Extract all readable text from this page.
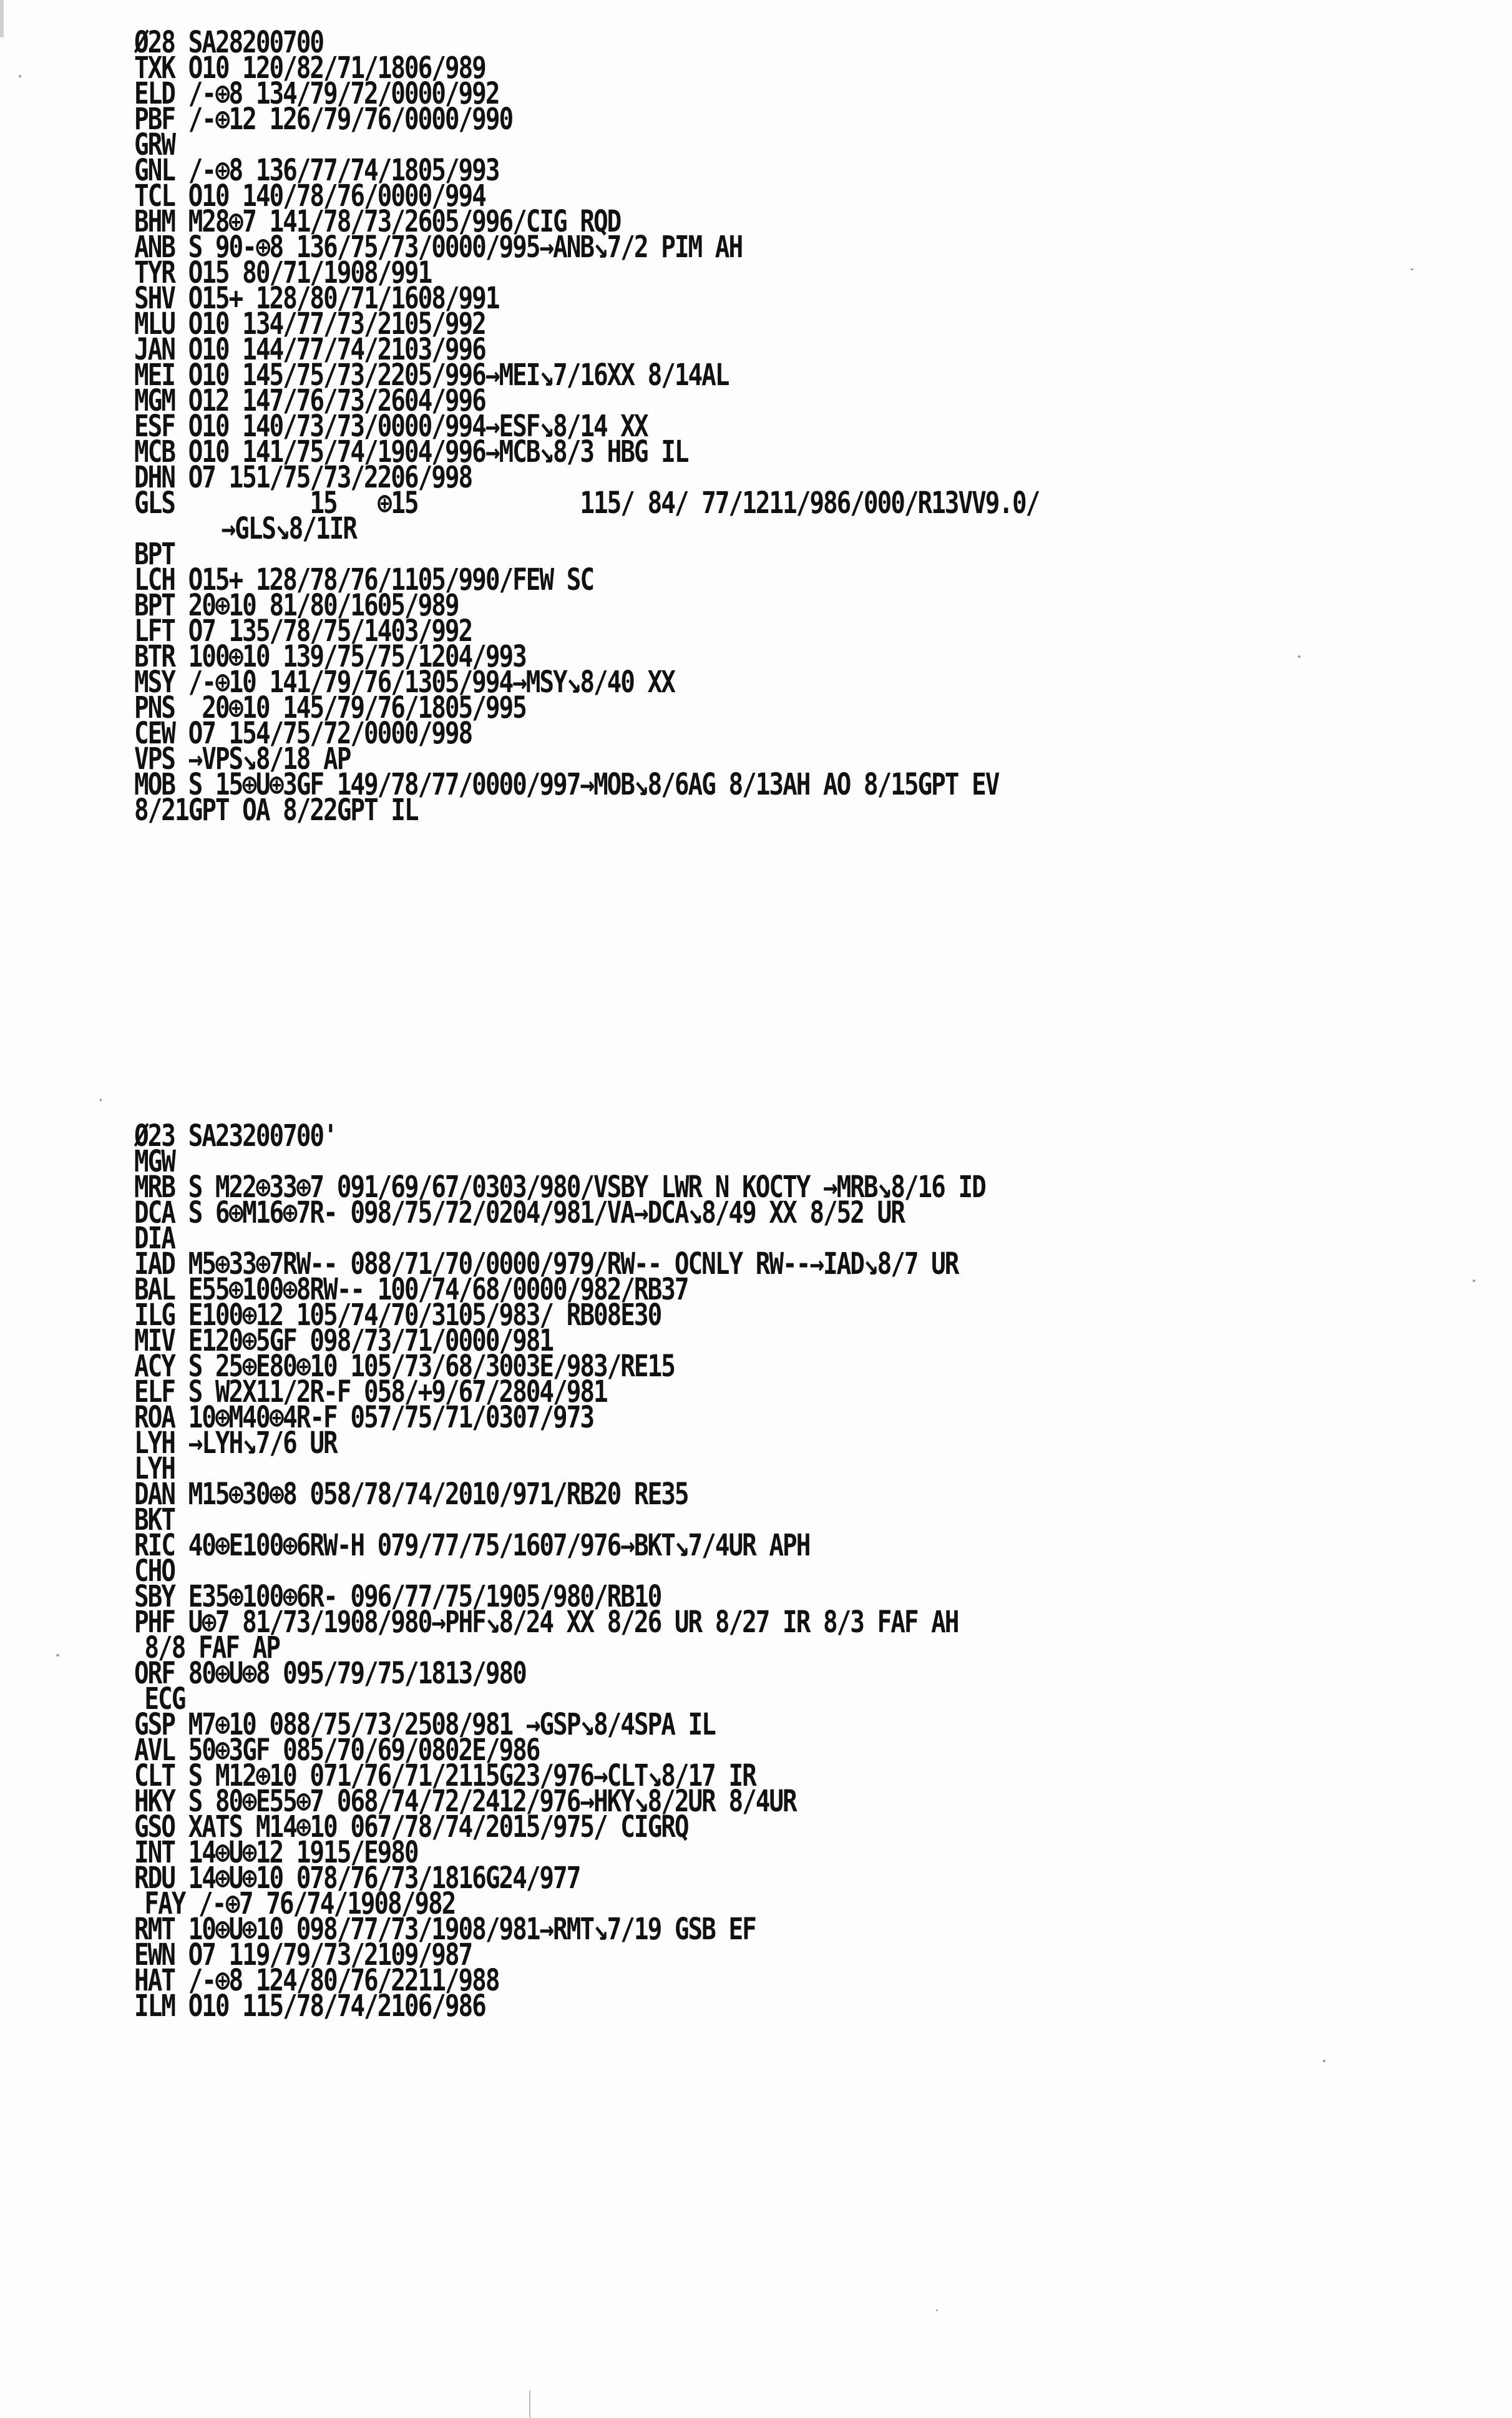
Ø28 SA28200700
TXK O10 120/82/71/1806/989
ELD /-⊕8 134/79/72/0000/992
PBF /-⊕12 126/79/76/0000/990
GRW
GNL /-⊕8 136/77/74/1805/993
TCL O10 140/78/76/0000/994
BHM M28⊕7 141/78/73/2605/996/CIG RQD
ANB S 90-⊕8 136/75/73/0000/995→ANB↘7/2 PIM AH
TYR O15 80/71/1908/991
SHV O15+ 128/80/71/1608/991
MLU O10 134/77/73/2105/992
JAN O10 144/77/74/2103/996
MEI O10 145/75/73/2205/996→MEI↘7/16XX 8/14AL
MGM O12 147/76/73/2604/996
ESF O10 140/73/73/0000/994→ESF↘8/14 XX
MCB O10 141/75/74/1904/996→MCB↘8/3 HBG IL
DHN O7 151/75/73/2206/998
GLS          15   ⊕15            115/ 84/ 77/1211/986/000/R13VV9.0/
→GLS↘8/1IR
BPT
LCH O15+ 128/78/76/1105/990/FEW SC
BPT 20⊕10 81/80/1605/989
LFT O7 135/78/75/1403/992
BTR 100⊕10 139/75/75/1204/993
MSY /-⊕10 141/79/76/1305/994→MSY↘8/40 XX
PNS  20⊕10 145/79/76/1805/995
CEW O7 154/75/72/0000/998
VPS →VPS↘8/18 AP
MOB S 15⊕U⊕3GF 149/78/77/0000/997→MOB↘8/6AG 8/13AH AO 8/15GPT EV
8/21GPT OA 8/22GPT IL
Ø23 SA23200700'
MGW
MRB S M22⊕33⊕7 091/69/67/0303/980/VSBY LWR N KOCTY →MRB↘8/16 ID
DCA S 6⊕M16⊕7R- 098/75/72/0204/981/VA→DCA↘8/49 XX 8/52 UR
DIA
IAD M5⊕33⊕7RW-- 088/71/70/0000/979/RW-- OCNLY RW--→IAD↘8/7 UR
BAL E55⊕100⊕8RW-- 100/74/68/0000/982/RB37
ILG E100⊕12 105/74/70/3105/983/ RB08E30
MIV E120⊕5GF 098/73/71/0000/981
ACY S 25⊕E80⊕10 105/73/68/3003E/983/RE15
ELF S W2X11/2R-F 058/+9/67/2804/981
ROA 10⊕M40⊕4R-F 057/75/71/0307/973
LYH →LYH↘7/6 UR
LYH
DAN M15⊕30⊕8 058/78/74/2010/971/RB20 RE35
BKT
RIC 40⊕E100⊕6RW-H 079/77/75/1607/976→BKT↘7/4UR APH
CHO
SBY E35⊕100⊕6R- 096/77/75/1905/980/RB10
PHF U⊕7 81/73/1908/980→PHF↘8/24 XX 8/26 UR 8/27 IR 8/3 FAF AH
8/8 FAF AP
ORF 80⊕U⊕8 095/79/75/1813/980
ECG
GSP M7⊕10 088/75/73/2508/981 →GSP↘8/4SPA IL
AVL 50⊕3GF 085/70/69/0802E/986
CLT S M12⊕10 071/76/71/2115G23/976→CLT↘8/17 IR
HKY S 80⊕E55⊕7 068/74/72/2412/976→HKY↘8/2UR 8/4UR
GSO XATS M14⊕10 067/78/74/2015/975/ CIGRQ
INT 14⊕U⊕12 1915/E980
RDU 14⊕U⊕10 078/76/73/1816G24/977
FAY /-⊕7 76/74/1908/982
RMT 10⊕U⊕10 098/77/73/1908/981→RMT↘7/19 GSB EF
EWN O7 119/79/73/2109/987
HAT /-⊕8 124/80/76/2211/988
ILM O10 115/78/74/2106/986
